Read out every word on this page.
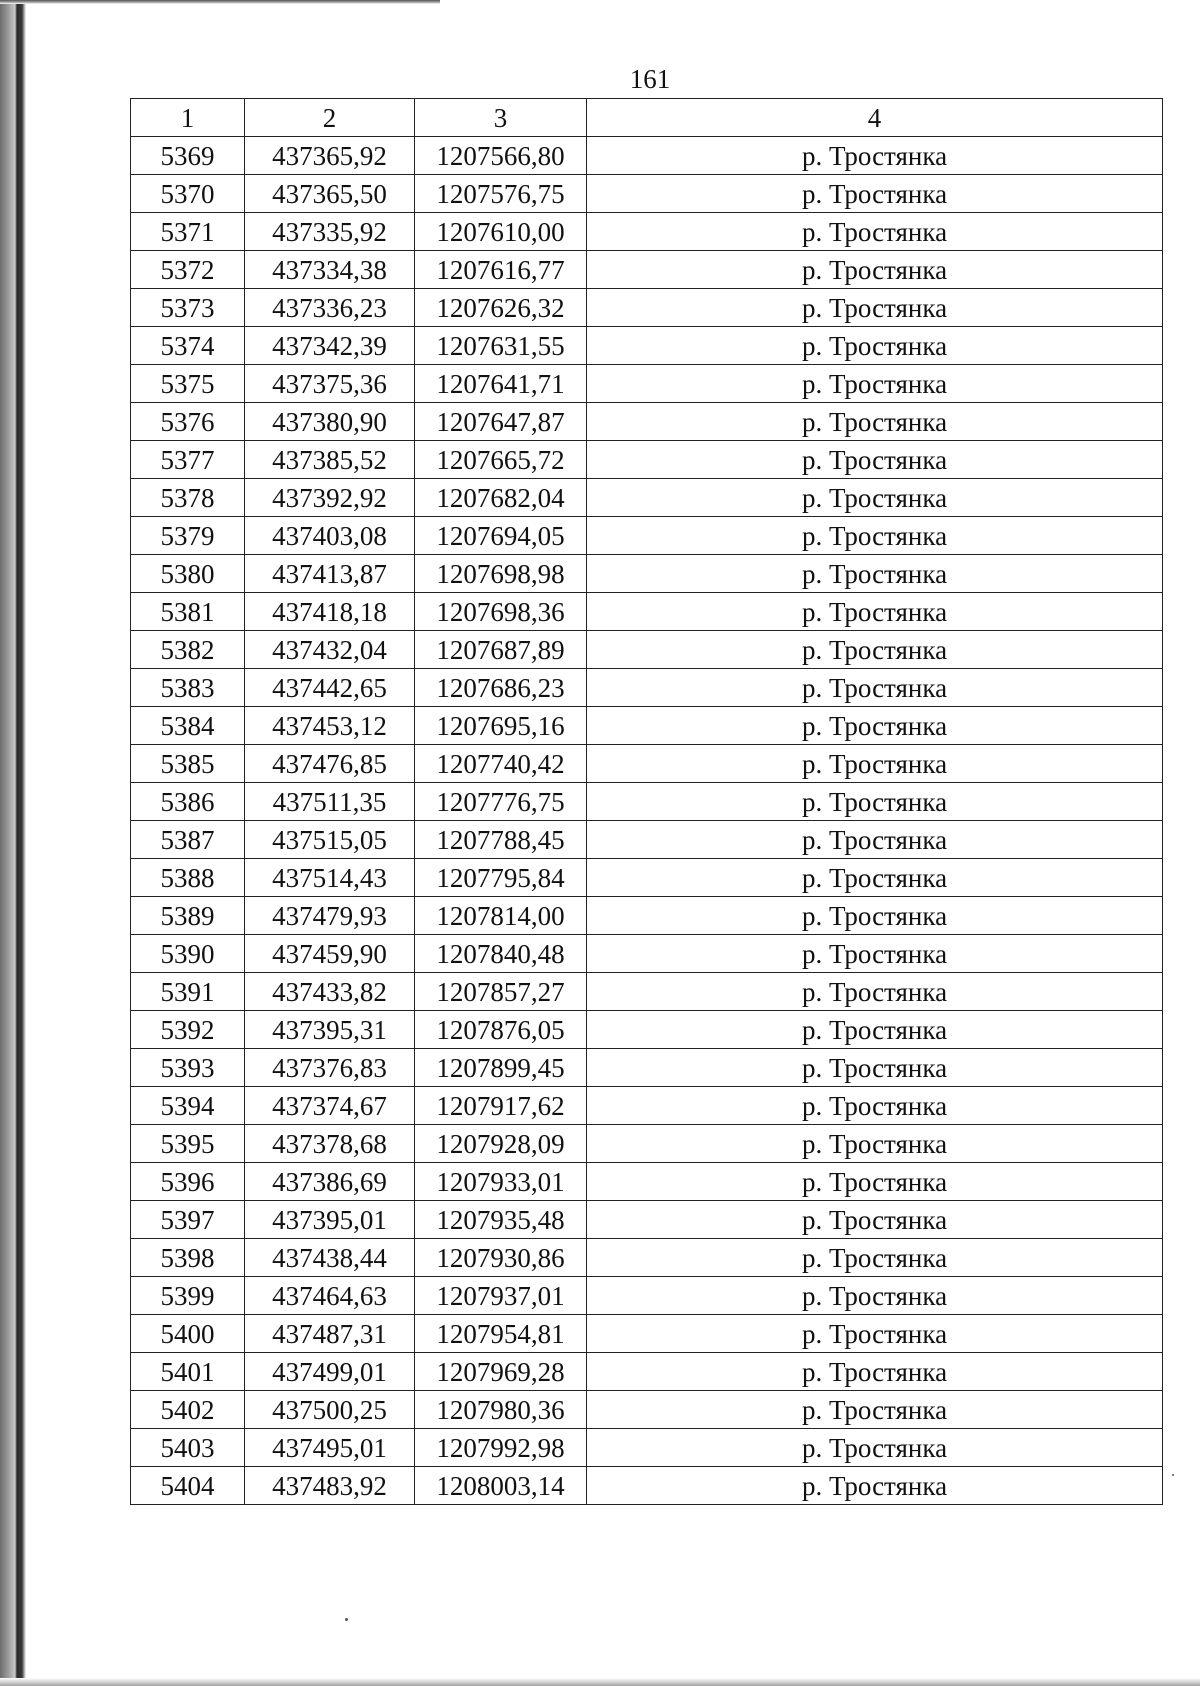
161
1	2	3	4
5369	437365,92	1207566,80	р. Тростянка
5370	437365,50	1207576,75	р. Тростянка
5371	437335,92	1207610,00	р. Тростянка
5372	437334,38	1207616,77	р. Тростянка
5373	437336,23	1207626,32	р. Тростянка
5374	437342,39	1207631,55	р. Тростянка
5375	437375,36	1207641,71	р. Тростянка
5376	437380,90	1207647,87	р. Тростянка
5377	437385,52	1207665,72	р. Тростянка
5378	437392,92	1207682,04	р. Тростянка
5379	437403,08	1207694,05	р. Тростянка
5380	437413,87	1207698,98	р. Тростянка
5381	437418,18	1207698,36	р. Тростянка
5382	437432,04	1207687,89	р. Тростянка
5383	437442,65	1207686,23	р. Тростянка
5384	437453,12	1207695,16	р. Тростянка
5385	437476,85	1207740,42	р. Тростянка
5386	437511,35	1207776,75	р. Тростянка
5387	437515,05	1207788,45	р. Тростянка
5388	437514,43	1207795,84	р. Тростянка
5389	437479,93	1207814,00	р. Тростянка
5390	437459,90	1207840,48	р. Тростянка
5391	437433,82	1207857,27	р. Тростянка
5392	437395,31	1207876,05	р. Тростянка
5393	437376,83	1207899,45	р. Тростянка
5394	437374,67	1207917,62	р. Тростянка
5395	437378,68	1207928,09	р. Тростянка
5396	437386,69	1207933,01	р. Тростянка
5397	437395,01	1207935,48	р. Тростянка
5398	437438,44	1207930,86	р. Тростянка
5399	437464,63	1207937,01	р. Тростянка
5400	437487,31	1207954,81	р. Тростянка
5401	437499,01	1207969,28	р. Тростянка
5402	437500,25	1207980,36	р. Тростянка
5403	437495,01	1207992,98	р. Тростянка
5404	437483,92	1208003,14	р. Тростянка
